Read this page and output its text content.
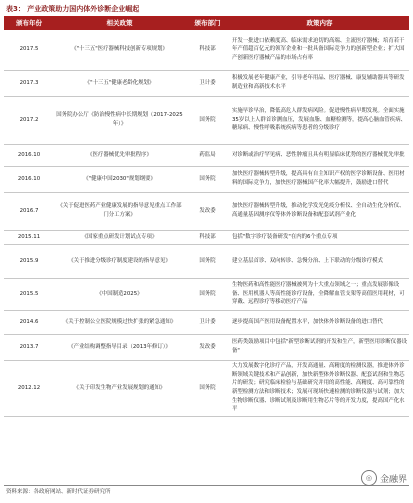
表3： 产业政策助力国内体外诊断企业崛起
颁布年份	相关政策	颁布部门	政策内容
2017.5	《"十三五"医疗器械科技创新专项规划》	科技部	开发一批进口依赖度高、临床需求迫切的高端、主流医疗器械；培育若干年产值超百亿元的领军企业和一批具备国际竞争力的创新型企业；扩大国产创新医疗器械产品的市场占有率
2017.3	《"十三五"健康老龄化规划》	卫计委	积极发展老年健康产业，引导老年用品、医疗器械、康复辅助器具等研发制造业和高新技术水平
2017.2	国务院办公厅《防治慢性病中长期规划（2017-2025年）》	国务院	实施早诊早治，降低高危人群发病风险。促进慢性病早期发现。全面实施35岁以上人群首诊测血压，发展血脂、血糖检测等，提高心脑血管疾病、糖尿病、慢性呼吸系统疾病等患者的分级诊疗
2016.10	《医疗器械优先审批程序》	药监局	对诊断或治疗罕见病、恶性肿瘤且具有明显临床优势的医疗器械优先审批
2016.10	《"健康中国2030"规划纲要》	国务院	加快医疗器械转型升级，提高具有自主知识产权的医学诊断设备、医用材料的国际竞争力，加快医疗器械国产化率大幅提升，鼓励进口替代
2016.7	《关于促进医药产业健康发展的指导意见重点工作部门分工方案》	发改委	加快医疗器械转型升级，推动化学发光免疫分析仪、全自动生化分析仪、高通量基因测序仪等体外诊断设备和配套试剂产业化
2015.11	《国家重点研发计划试点专项》	科技部	包括"数字诊疗装备研发"在内的6个重点专项
2015.9	《关于推进分级诊疗制度建设的指导意见》	国务院	建立基层首诊、双向转诊、急慢分治、上下联动的分级诊疗模式
2015.5	《中国制造2025》	国务院	生物医药和高性能医疗器械被列为十大重点领域之一；重点发展影像设备、医用机器人等高性能诊疗设备，全降解血管支架等高值医用耗材，可穿戴、远程诊疗等移动医疗产品
2014.6	《关于控制公立医院规模过快扩张的紧急通知》	卫计委	逐步提高国产医用设备配置水平，加快体外诊断设备的进口替代
2013.7	《产业结构调整指导目录（2013年修订）》	发改委	医药类鼓励项目中包括"新型诊断试剂的开发和生产，新型医用诊断仪器设备"
2012.12	《关于印发生物产业发展规划的通知》	国务院	大力发展数字化诊疗产品，开发高通量、高精度的检测仪器，推进体外诊断领域关键技术和产品创新，加快新型体外诊断仪器、配套试剂和生物芯片的研发；研究临床检验与基础研究并用的高性能、高精度、高可靠性的新型检测方法和诊断技术；发展可现场快速检测的诊断仪器与试剂；加大生物诊断仪器、诊断试剂及诊断用生物芯片等的开发力度，提高国产化水平
资料来源：各政府网站、新时代证券研究所
◎ 金融界
